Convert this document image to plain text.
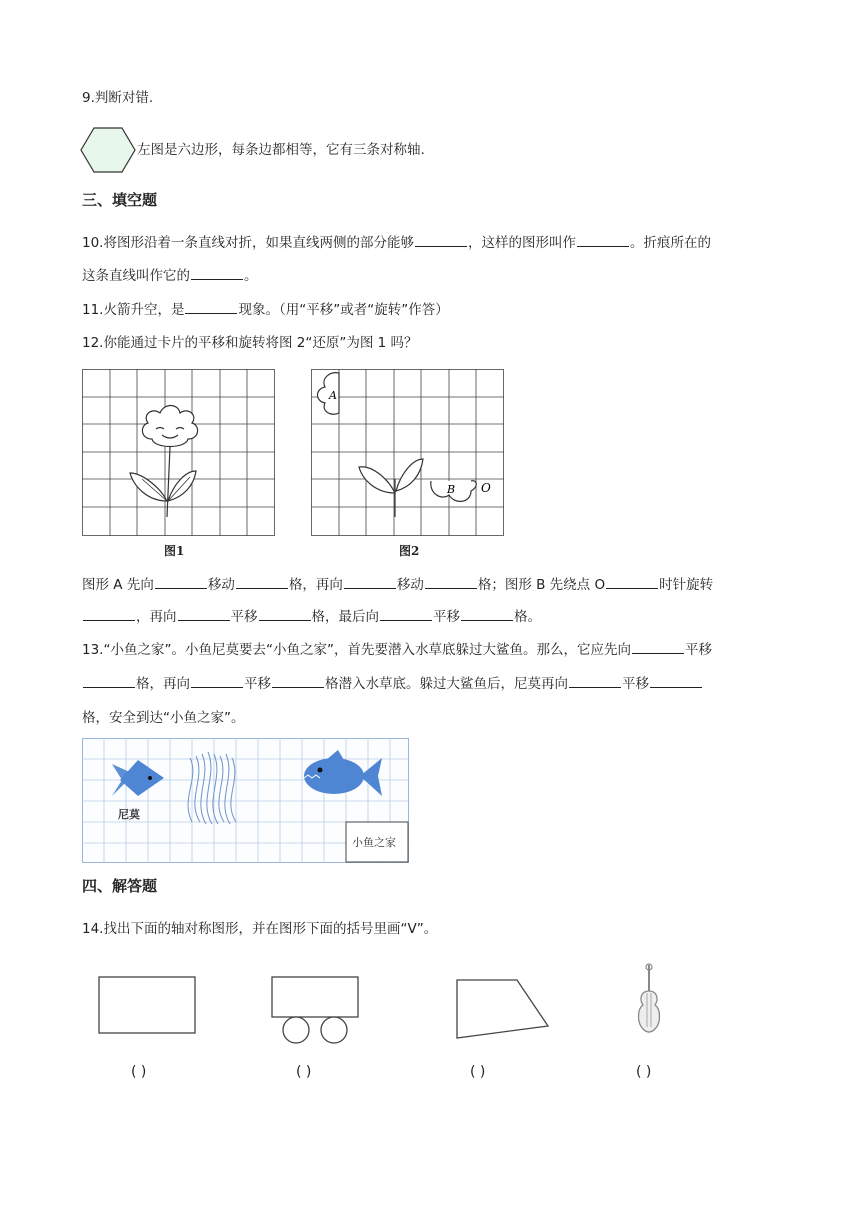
9.判断对错.
左图是六边形，每条边都相等，它有三条对称轴.
三、填空题
10.将图形沿着一条直线对折，如果直线两侧的部分能够	，这样的图形叫作	。折痕所在的
这条直线叫作它的	。
11.火箭升空，是	现象。（用“平移”或者“旋转”作答）
12.你能通过卡片的平移和旋转将图 2“还原”为图 1 吗？
图1
A
B O
图2
图形 A 先向	移动	格，再向	移动	格；图形 B 先绕点 O	时针旋转
，再向	平移	格，最后向	平移	格。
13.“小鱼之家”。小鱼尼莫要去“小鱼之家”，首先要潜入水草底躲过大鲨鱼。那么，它应先向	平移
格，再向	平移	格潜入水草底。躲过大鲨鱼后，尼莫再向	平移
格，安全到达“小鱼之家”。
尼莫
小鱼之家
四、解答题
14.找出下面的轴对称图形，并在图形下面的括号里画“V”。
( )	( )	( )	( )
